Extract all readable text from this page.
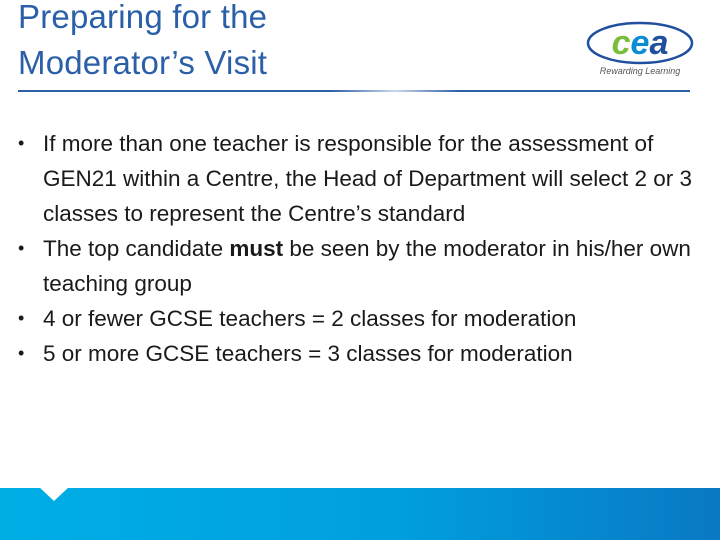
Preparing for the
Moderator’s Visit
cea
Rewarding Learning
• If more than one teacher is responsible for the assessment of GEN21 within a Centre, the Head of Department will select 2 or 3 classes to represent the Centre’s standard
• The top candidate must be seen by the moderator in his/her own teaching group
• 4 or fewer GCSE teachers = 2 classes for moderation
• 5 or more GCSE teachers = 3 classes for moderation
